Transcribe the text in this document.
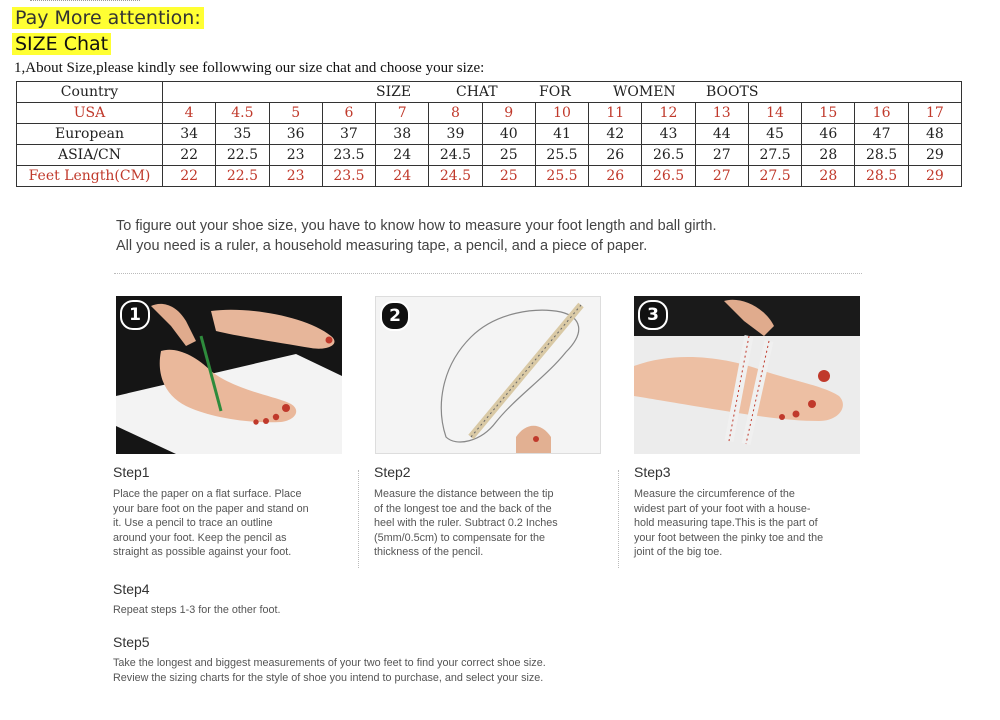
Pay More attention:
SIZE Chat
1,About Size,please kindly see followwing our size chat and choose your size:
Country	SIZE CHAT FOR WOMEN BOOTS														

USA	4	4.5	5	6	7	8	9	10	11	12	13	14	15	16	17
European	34	35	36	37	38	39	40	41	42	43	44	45	46	47	48
ASIA/CN	22	22.5	23	23.5	24	24.5	25	25.5	26	26.5	27	27.5	28	28.5	29
Feet Length(CM)	22	22.5	23	23.5	24	24.5	25	25.5	26	26.5	27	27.5	28	28.5	29
To figure out your shoe size, you have to know how to measure your foot length and ball girth.
All you need is a ruler, a household measuring tape, a pencil, and a piece of paper.
1	2	3
Step1
Place the paper on a flat surface. Place
your bare foot on the paper and stand on
it. Use a pencil to trace an outline
around your foot. Keep the pencil as
straight as possible against your foot.
Step2
Measure the distance between the tip
of the longest toe and the back of the
heel with the ruler. Subtract 0.2 Inches
(5mm/0.5cm) to compensate for the
thickness of the pencil.
Step3
Measure the circumference of the
widest part of your foot with a house-
hold measuring tape.This is the part of
your foot between the pinky toe and the
joint of the big toe.
Step4
Repeat steps 1-3 for the other foot.
Step5
Take the longest and biggest measurements of your two feet to find your correct shoe size.
Review the sizing charts for the style of shoe you intend to purchase, and select your size.
